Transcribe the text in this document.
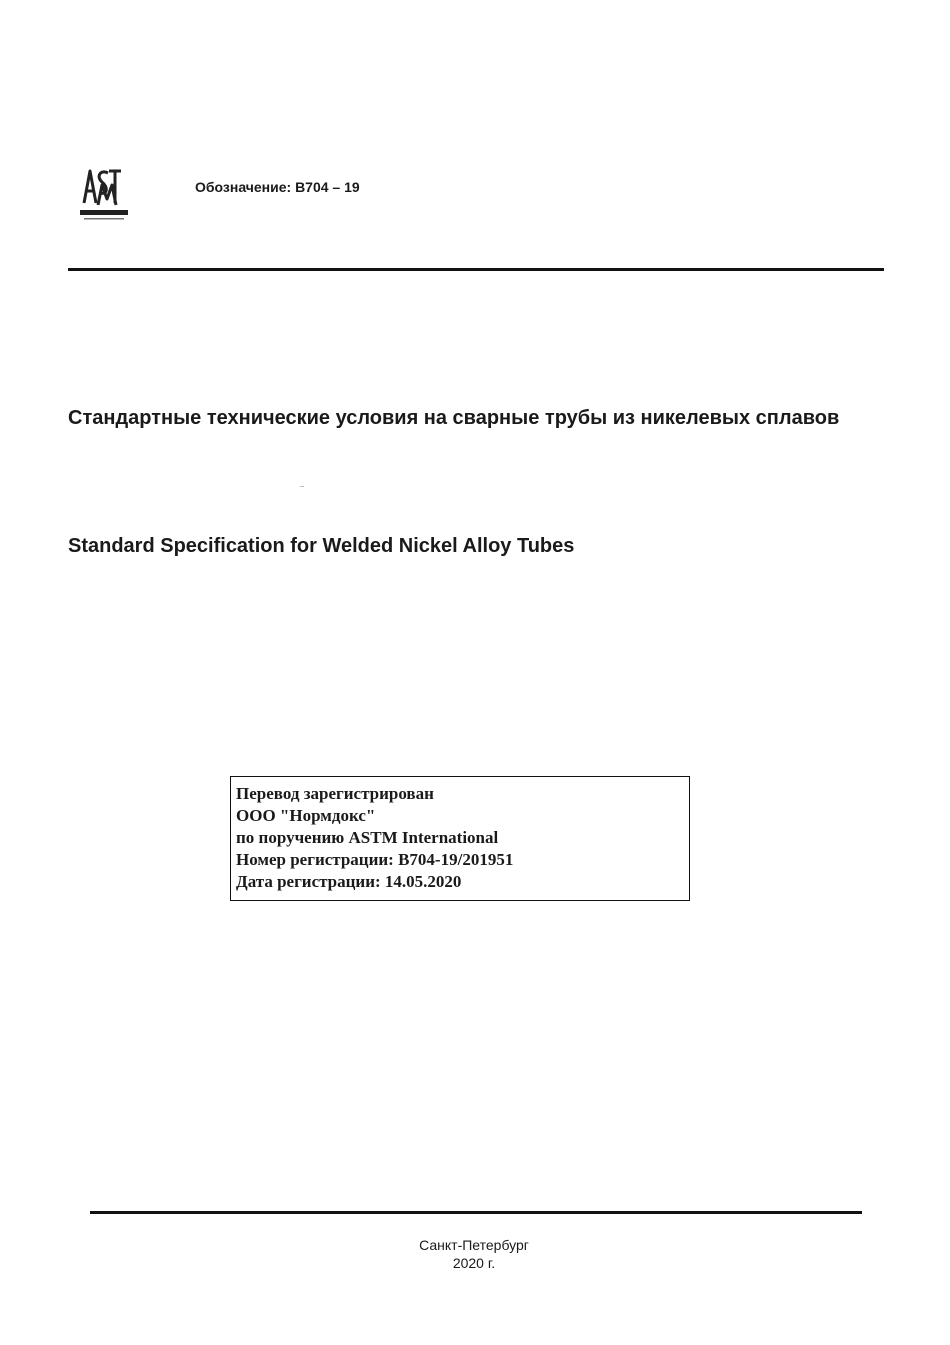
Обозначение: B704 – 19
Стандартные технические условия на сварные трубы из никелевых сплавов
Standard Specification for Welded Nickel Alloy Tubes
Перевод зарегистрирован
ООО "Нормдокс"
по поручению ASTM International
Номер регистрации: B704-19/201951
Дата регистрации: 14.05.2020
Санкт-Петербург
2020 г.
